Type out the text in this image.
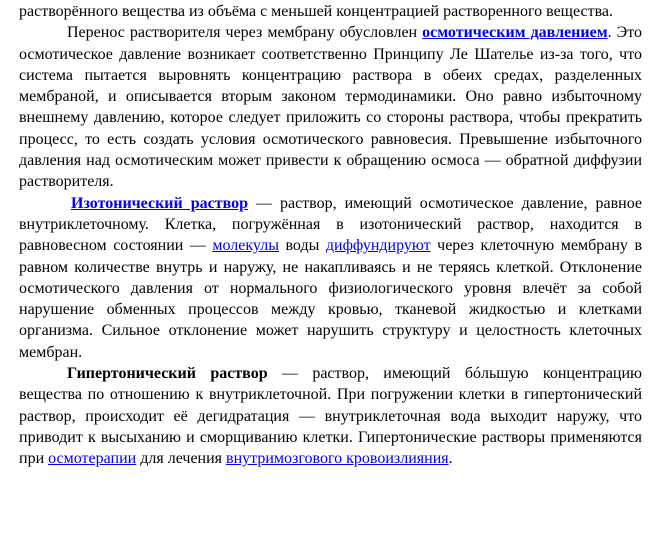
растворённого вещества из объёма с меньшей концентрацией растворенного вещества.

Перенос растворителя через мембрану обусловлен осмотическим давлением. Это осмотическое давление возникает соответственно Принципу Ле Шателье из-за того, что система пытается выровнять концентрацию раствора в обеих средах, разделенных мембраной, и описывается вторым законом термодинамики. Оно равно избыточному внешнему давлению, которое следует приложить со стороны раствора, чтобы прекратить процесс, то есть создать условия осмотического равновесия. Превышение избыточного давления над осмотическим может привести к обращению осмоса — обратной диффузии растворителя.

Изотонический раствор — раствор, имеющий осмотическое давление, равное внутриклеточному. Клетка, погружённая в изотонический раствор, находится в равновесном состоянии — молекулы воды диффундируют через клеточную мембрану в равном количестве внутрь и наружу, не накапливаясь и не теряясь клеткой. Отклонение осмотического давления от нормального физиологического уровня влечёт за собой нарушение обменных процессов между кровью, тканевой жидкостью и клетками организма. Сильное отклонение может нарушить структуру и целостность клеточных мембран.

Гипертонический раствор — раствор, имеющий бóльшую концентрацию вещества по отношению к внутриклеточной. При погружении клетки в гипертонический раствор, происходит её дегидратация — внутриклеточная вода выходит наружу, что приводит к высыханию и сморщиванию клетки. Гипертонические растворы применяются при осмотерапии для лечения внутримозгового кровоизлияния.
